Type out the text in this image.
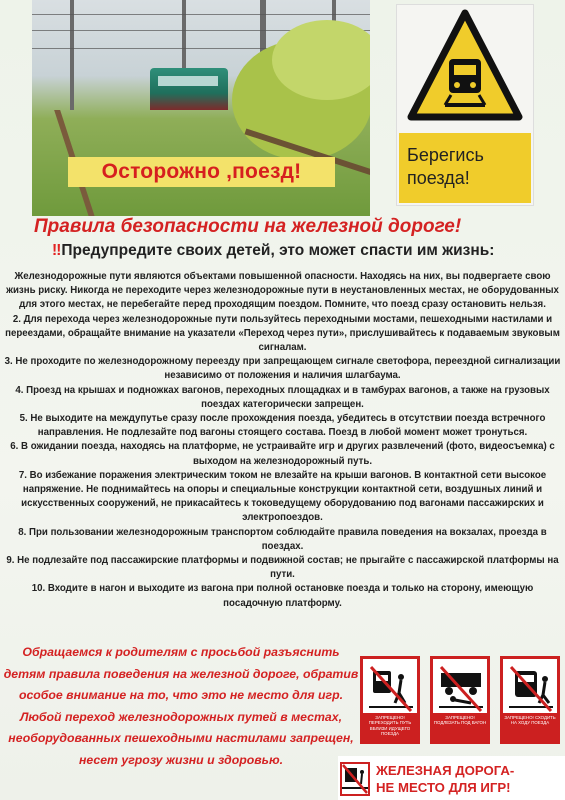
Осторожно ,поезд!
Берегись
поезда!
Правила безопасности на железной дороге!
‼Предупредите своих детей, это может спасти им жизнь:

Железнодорожные пути являются объектами повышенной опасности. Находясь на них, вы подвергаете свою жизнь риску. Никогда не переходите через железнодорожные пути в неустановленных местах, не оборудованных для этого местах, не перебегайте перед проходящим поездом. Помните, что поезд сразу остановить нельзя.

2. Для перехода через железнодорожные пути пользуйтесь переходными мостами, пешеходными настилами и переездами, обращайте внимание на указатели «Переход через пути», прислушивайтесь к подаваемым звуковым сигналам.

3. Не проходите по железнодорожному переезду при запрещающем сигнале светофора, переездной сигнализации независимо от положения и наличия шлагбаума.

4. Проезд на крышах и подножках вагонов, переходных площадках и в тамбурах вагонов, а также на грузовых поездах категорически запрещен.

5. Не выходите на междупутье сразу после прохождения поезда, убедитесь в отсутствии поезда встречного направления. Не подлезайте под вагоны стоящего состава. Поезд в любой момент может тронуться.

6. В ожидании поезда, находясь на платформе, не устраивайте игр и других развлечений (фото, видеосъемка) с выходом на железнодорожный путь.

7. Во избежание поражения электрическим током не влезайте на крыши вагонов. В контактной сети высокое напряжение. Не поднимайтесь на опоры и специальные конструкции контактной сети, воздушных линий и искусственных сооружений, не прикасайтесь к токоведущему оборудованию под вагонами пассажирских и электропоездов.

8. При пользовании железнодорожным транспортом соблюдайте правила поведения на вокзалах, проезда в поездах.

9. Не подлезайте под пассажирские платформы и подвижной состав; не прыгайте с пассажирской платформы на пути.

10. Входите в нагон и выходите из вагона при полной остановке поезда и только на сторону, имеющую посадочную платформу.

Обращаемся к родителям с просьбой разъяснить детям правила поведения на железной дороге, обратив особое внимание на то, что это не место для игр. Любой переход железнодорожных путей в местах, необорудованных пешеходными настилами запрещен, несет угрозу жизни и здоровью.
ЗАПРЕЩЕНО! ПЕРЕХОДИТЬ ПУТЬ ВБЛИЗИ ИДУЩЕГО ПОЕЗДА
ЗАПРЕЩЕНО! ПОДЛЕЗАТЬ ПОД ВАГОН
ЗАПРЕЩЕНО! СХОДИТЬ НА ХОДУ ПОЕЗДА
ЖЕЛЕЗНАЯ ДОРОГА-
НЕ МЕСТО ДЛЯ ИГР!
